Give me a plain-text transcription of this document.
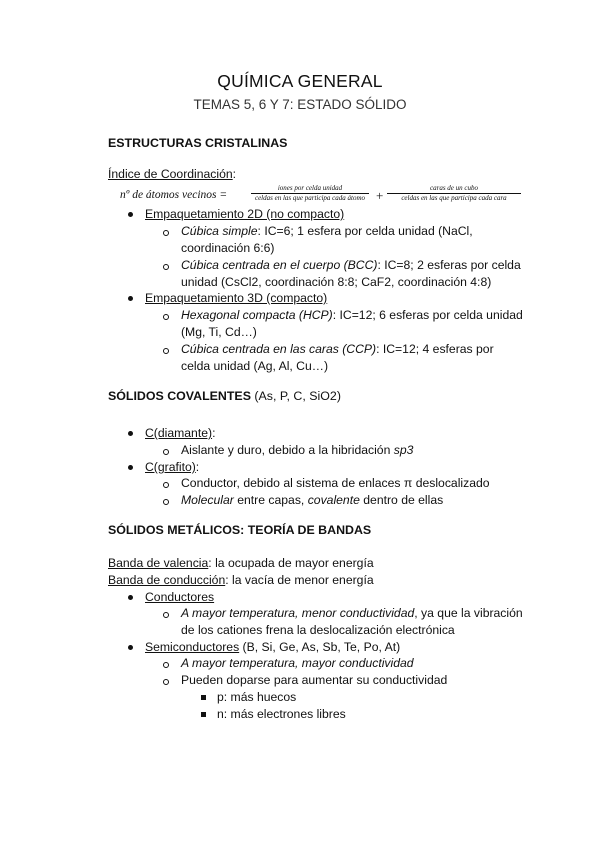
QUÍMICA GENERAL
TEMAS 5, 6 Y 7: ESTADO SÓLIDO
ESTRUCTURAS CRISTALINAS
Índice de Coordinación:
nº de átomos vecinos =
iones por celda unidad
celdas en las que participa cada átomo +	caras de un cubo
celdas en las que participa cada cara
Empaquetamiento 2D (no compacto)
Cúbica simple: IC=6; 1 esfera por celda unidad (NaCl, coordinación 6:6)
Cúbica centrada en el cuerpo (BCC): IC=8; 2 esferas por celda unidad (CsCl2, coordinación 8:8; CaF2, coordinación 4:8)
Empaquetamiento 3D (compacto)
Hexagonal compacta (HCP): IC=12; 6 esferas por celda unidad (Mg, Ti, Cd…)
Cúbica centrada en las caras (CCP): IC=12; 4 esferas por celda unidad (Ag, Al, Cu…)
SÓLIDOS COVALENTES (As, P, C, SiO2)
C(diamante):
Aislante y duro, debido a la hibridación sp3
C(grafito):
Conductor, debido al sistema de enlaces π deslocalizado
Molecular entre capas, covalente dentro de ellas
SÓLIDOS METÁLICOS: TEORÍA DE BANDAS
Banda de valencia: la ocupada de mayor energía
Banda de conducción: la vacía de menor energía
Conductores
A mayor temperatura, menor conductividad, ya que la vibración de los cationes frena la deslocalización electrónica
Semiconductores (B, Si, Ge, As, Sb, Te, Po, At)
A mayor temperatura, mayor conductividad
Pueden doparse para aumentar su conductividad
p: más huecos
n: más electrones libres
